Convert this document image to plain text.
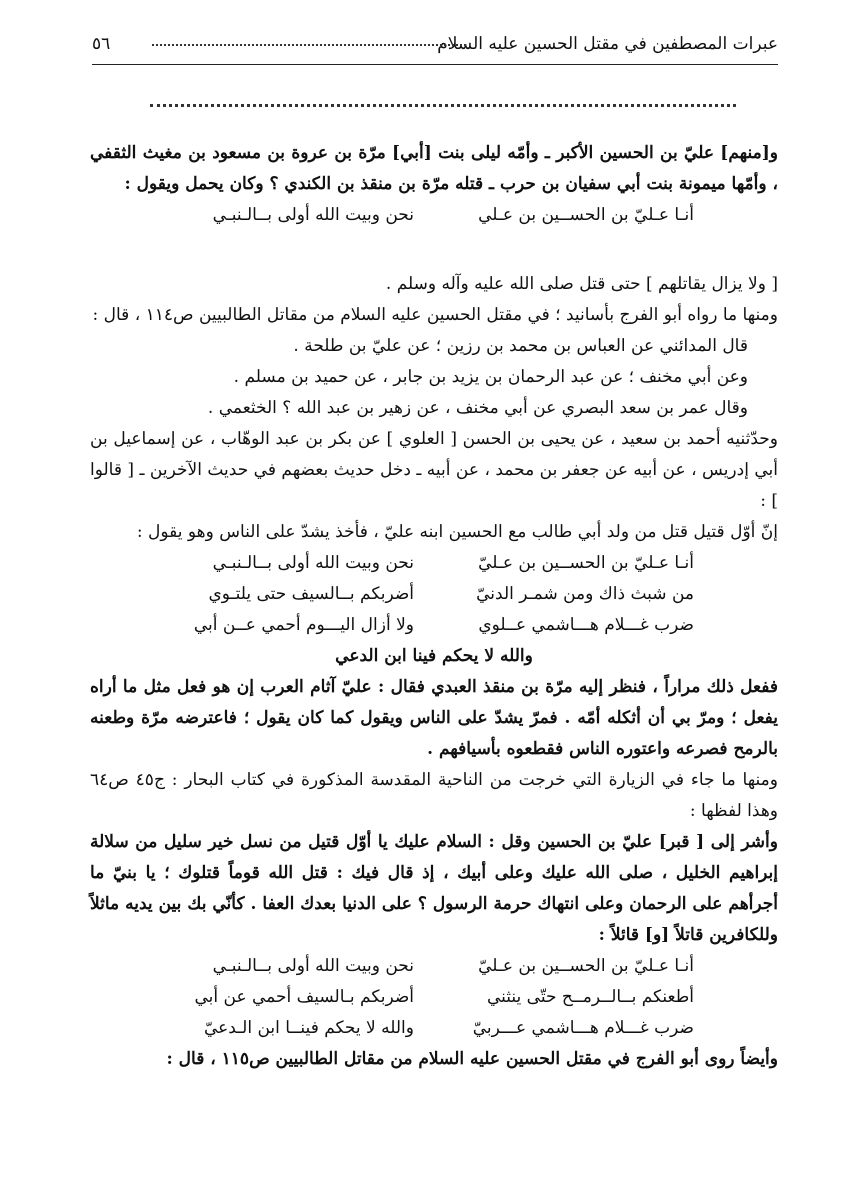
عبرات المصطفين في مقتل الحسين عليه السلام
٥٦

و[منهم] عليّ بن الحسين الأكبر ـ وأمّه ليلى بنت [أبي] مرّة بن عروة بن مسعود بن مغيث الثقفي ، وأمّها ميمونة بنت أبي سفيان بن حرب ـ قتله مرّة بن منقذ بن الكندي ؟ وكان يحمل ويقول :

أنـا عـليّ بن الحســين بن عـلي
نحن وبيت الله أولى بــالـنبـي

[ ولا يزال يقاتلهم ] حتى قتل صلى الله عليه وآله وسلم .

ومنها ما رواه أبو الفرج بأسانيد ؛ في مقتل الحسين عليه السلام من مقاتل الطالبيين ص١١٤ ، قال :

قال المدائني عن العباس بن محمد بن رزين ؛ عن عليّ بن طلحة .

وعن أبي مخنف ؛ عن عبد الرحمان بن يزيد بن جابر ، عن حميد بن مسلم .

وقال عمر بن سعد البصري عن أبي مخنف ، عن زهير بن عبد الله ؟ الخثعمي .

وحدّثنيه أحمد بن سعيد ، عن يحيى بن الحسن [ العلوي ] عن بكر بن عبد الوهّاب ، عن إسماعيل بن أبي إدريس ، عن أبيه عن جعفر بن محمد ، عن أبيه ـ دخل حديث بعضهم في حديث الآخرين ـ [ قالوا ] :

إنّ أوّل قتيل قتل من ولد أبي طالب مع الحسين ابنه عليّ ، فأخذ يشدّ على الناس وهو يقول :

أنـا عـليّ بن الحســين بن عـليّ
نحن وبيت الله أولى بــالـنبـي
من شبث ذاك ومن شمـر الدنيّ
أضربكم بــالسيف حتى يلتـوي
ضرب غـــلام هـــاشمي عــلوي
ولا أزال اليـــوم أحمي عــن أبي
والله لا يحكم فينا ابن الدعي

ففعل ذلك مراراً ، فنظر إليه مرّة بن منقذ العبدي فقال : عليّ آثام العرب إن هو فعل مثل ما أراه يفعل ؛ ومرّ بي أن أثكله أمّه . فمرّ يشدّ على الناس ويقول كما كان يقول ؛ فاعترضه مرّة وطعنه بالرمح فصرعه واعتوره الناس فقطعوه بأسيافهم .

ومنها ما جاء في الزيارة التي خرجت من الناحية المقدسة المذكورة في كتاب البحار : ج٤٥ ص٦٤ وهذا لفظها :

وأشر إلى [ قبر] عليّ بن الحسين وقل : السلام عليك يا أوّل قتيل من نسل خير سليل من سلالة إبراهيم الخليل ، صلى الله عليك وعلى أبيك ، إذ قال فيك : قتل الله قوماً قتلوك ؛ يا بنيّ ما أجرأهم على الرحمان وعلى انتهاك حرمة الرسول ؟ على الدنيا بعدك العفا . كأنّي بك بين يديه ماثلاً وللكافرين قاتلاً [و] قائلاً :

أنـا عـليّ بن الحســين بن عـليّ
نحن وبيت الله أولى بــالـنبـي
أطعنكم بــالــرمــح حتّى ينثني
أضربكم بـالسيف أحمي عن أبي
ضرب غـــلام هـــاشمي عـــربيّ
والله لا يحكم فينــا ابن الـدعيّ

وأيضاً روى أبو الفرج في مقتل الحسين عليه السلام من مقاتل الطالبيين ص١١٥ ، قال :
